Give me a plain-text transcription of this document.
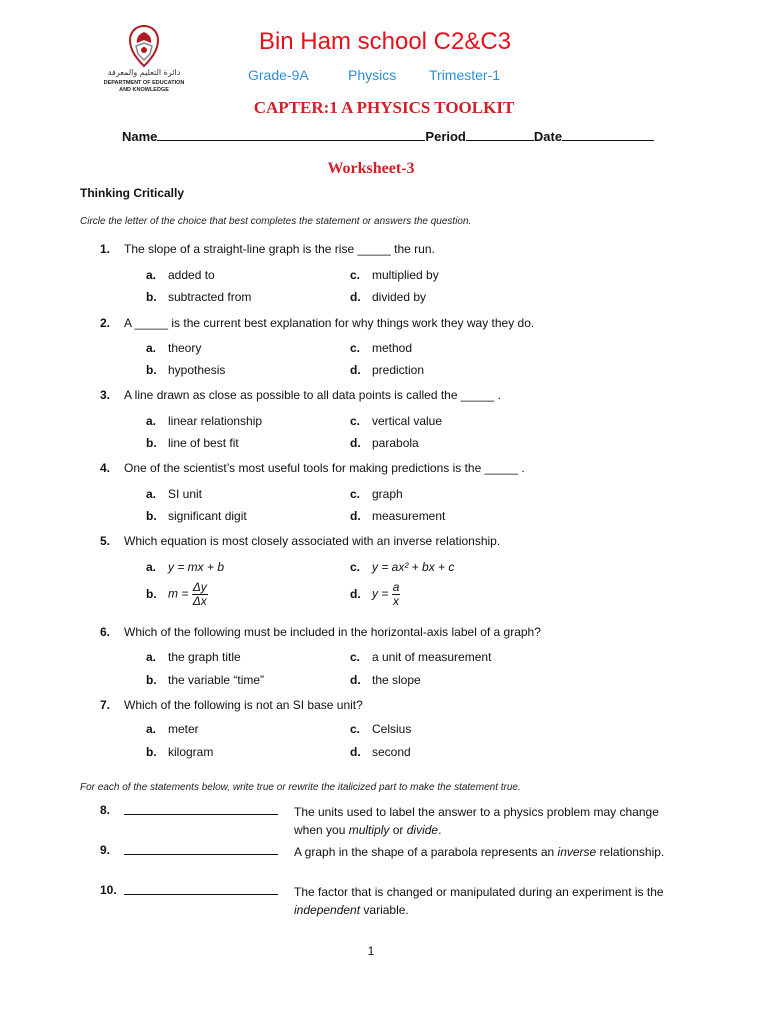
دائرة التعليم والمعرفة
DEPARTMENT OF EDUCATION
AND KNOWLEDGE
Bin Ham school C2&C3
Grade-9A	Physics Trimester-1
CAPTER:1 A PHYSICS TOOLKIT
Name	Period	Date
Worksheet-3
Thinking Critically
Circle the letter of the choice that best completes the statement or answers the question.
1. The slope of a straight-line graph is the rise _____ the run.
a. added to	c. multiplied by
b. subtracted from	d. divided by
2. A _____ is the current best explanation for why things work they way they do.
a. theory	c. method
b. hypothesis	d. prediction
3. A line drawn as close as possible to all data points is called the _____ .
a. linear relationship	c. vertical value
b. line of best fit	d. parabola
4. One of the scientist’s most useful tools for making predictions is the _____ .
a. SI unit	c. graph
b. significant digit	d. measurement
5. Which equation is most closely associated with an inverse relationship.
a. y = mx + b	c. y = ax² + bx + c
b. $m = \frac{\Delta y}{\Delta x}$	d. $y = \frac{a}{x}$
6. Which of the following must be included in the horizontal-axis label of a graph?
a. the graph title	c. a unit of measurement
b. the variable “time”	d. the slope
7. Which of the following is not an SI base unit?
a. meter	c. Celsius
b. kilogram	d. second
For each of the statements below, write true or rewrite the italicized part to make the statement true.
8.	The units used to label the answer to a physics problem may change when you multiply or divide.
9.	A graph in the shape of a parabola represents an inverse relationship.
10.	The factor that is changed or manipulated during an experiment is the independent variable.
1
